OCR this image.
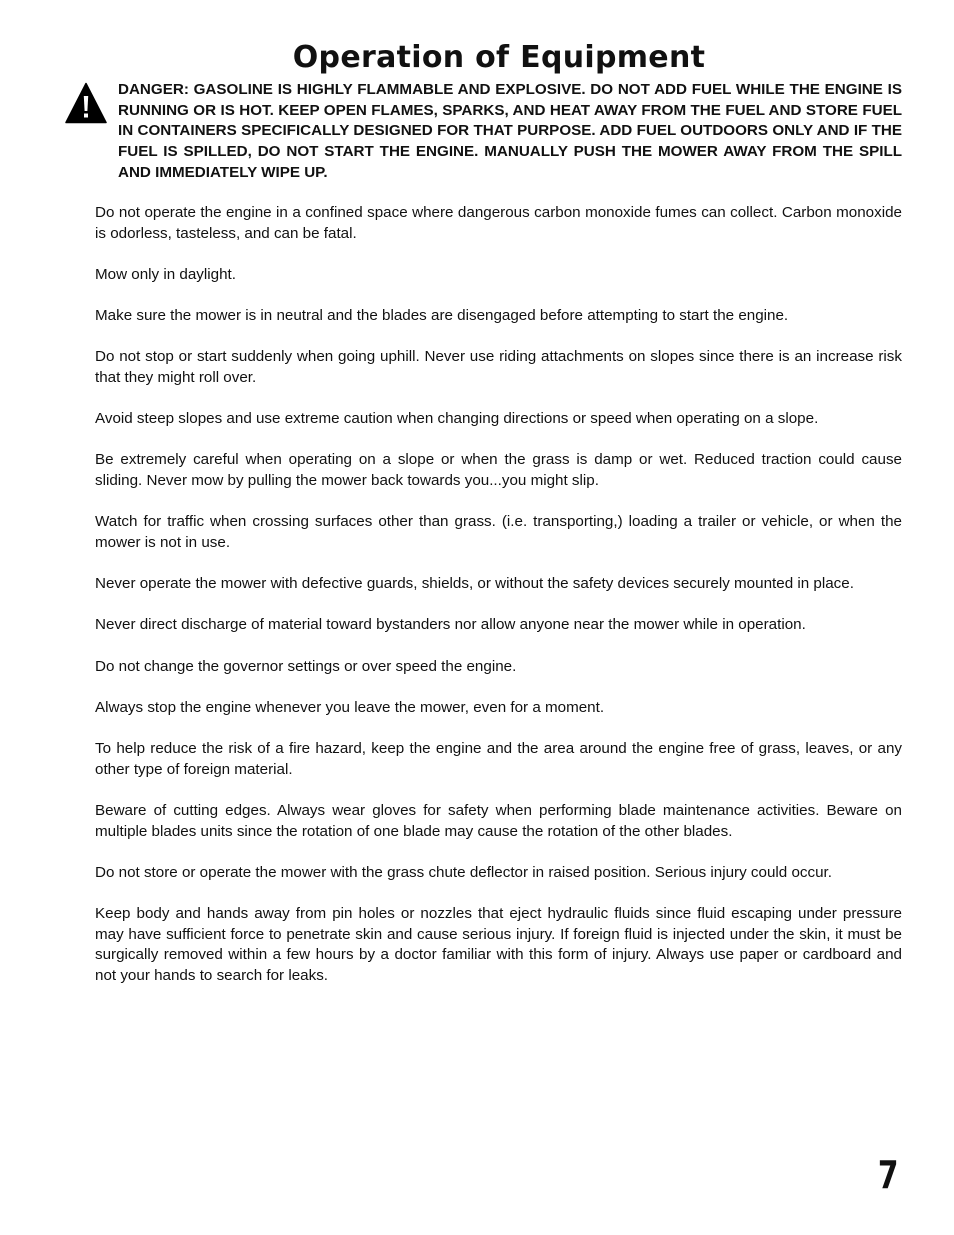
Operation of Equipment

DANGER: GASOLINE IS HIGHLY FLAMMABLE AND EXPLOSIVE. DO NOT ADD FUEL WHILE THE ENGINE IS RUNNING OR IS HOT. KEEP OPEN FLAMES, SPARKS, AND HEAT AWAY FROM THE FUEL AND STORE FUEL IN CONTAINERS SPECIFICALLY DESIGNED FOR THAT PURPOSE. ADD FUEL OUTDOORS ONLY AND IF THE FUEL IS SPILLED, DO NOT START THE ENGINE. MANUALLY PUSH THE MOWER AWAY FROM THE SPILL AND IMMEDIATELY WIPE UP.

Do not operate the engine in a confined space where dangerous carbon monoxide fumes can collect. Carbon monoxide is odorless, tasteless, and can be fatal.

Mow only in daylight.

Make sure the mower is in neutral and the blades are disengaged before attempting to start the engine.

Do not stop or start suddenly when going uphill. Never use riding attachments on slopes since there is an increase risk that they might roll over.

Avoid steep slopes and use extreme caution when changing directions or speed when operating on a slope.

Be extremely careful when operating on a slope or when the grass is damp or wet. Reduced traction could cause sliding. Never mow by pulling the mower back towards you...you might slip.

Watch for traffic when crossing surfaces other than grass. (i.e. transporting,) loading a trailer or vehicle, or when the mower is not in use.

Never operate the mower with defective guards, shields, or without the safety devices securely mounted in place.

Never direct discharge of material toward bystanders nor allow anyone near the mower while in operation.

Do not change the governor settings or over speed the engine.

Always stop the engine whenever you leave the mower, even for a moment.

To help reduce the risk of a fire hazard, keep the engine and the area around the engine free of grass, leaves, or any other type of foreign material.

Beware of cutting edges. Always wear gloves for safety when performing blade maintenance activities. Beware on multiple blades units since the rotation of one blade may cause the rotation of the other blades.

Do not store or operate the mower with the grass chute deflector in raised position. Serious injury could occur.

Keep body and hands away from pin holes or nozzles that eject hydraulic fluids since fluid escaping under pressure may have sufficient force to penetrate skin and cause serious injury. If foreign fluid is injected under the skin, it must be surgically removed within a few hours by a doctor familiar with this form of injury. Always use paper or cardboard and not your hands to search for leaks.

7
